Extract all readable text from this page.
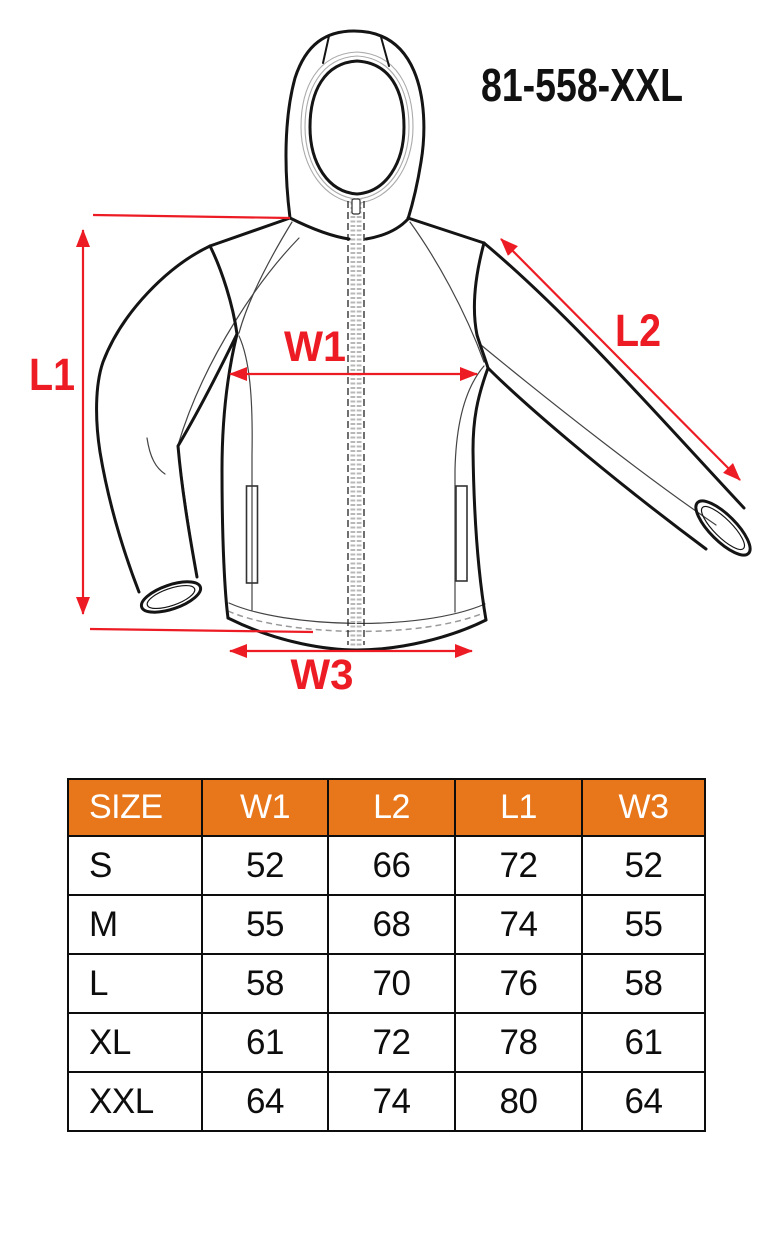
L1
W1	L2
W3
81-558-XXL
SIZE	W1	L2	L1	W3
S	52	66	72	52
M	55	68	74	55
L	58	70	76	58
XL	61	72	78	61
XXL	64	74	80	64
